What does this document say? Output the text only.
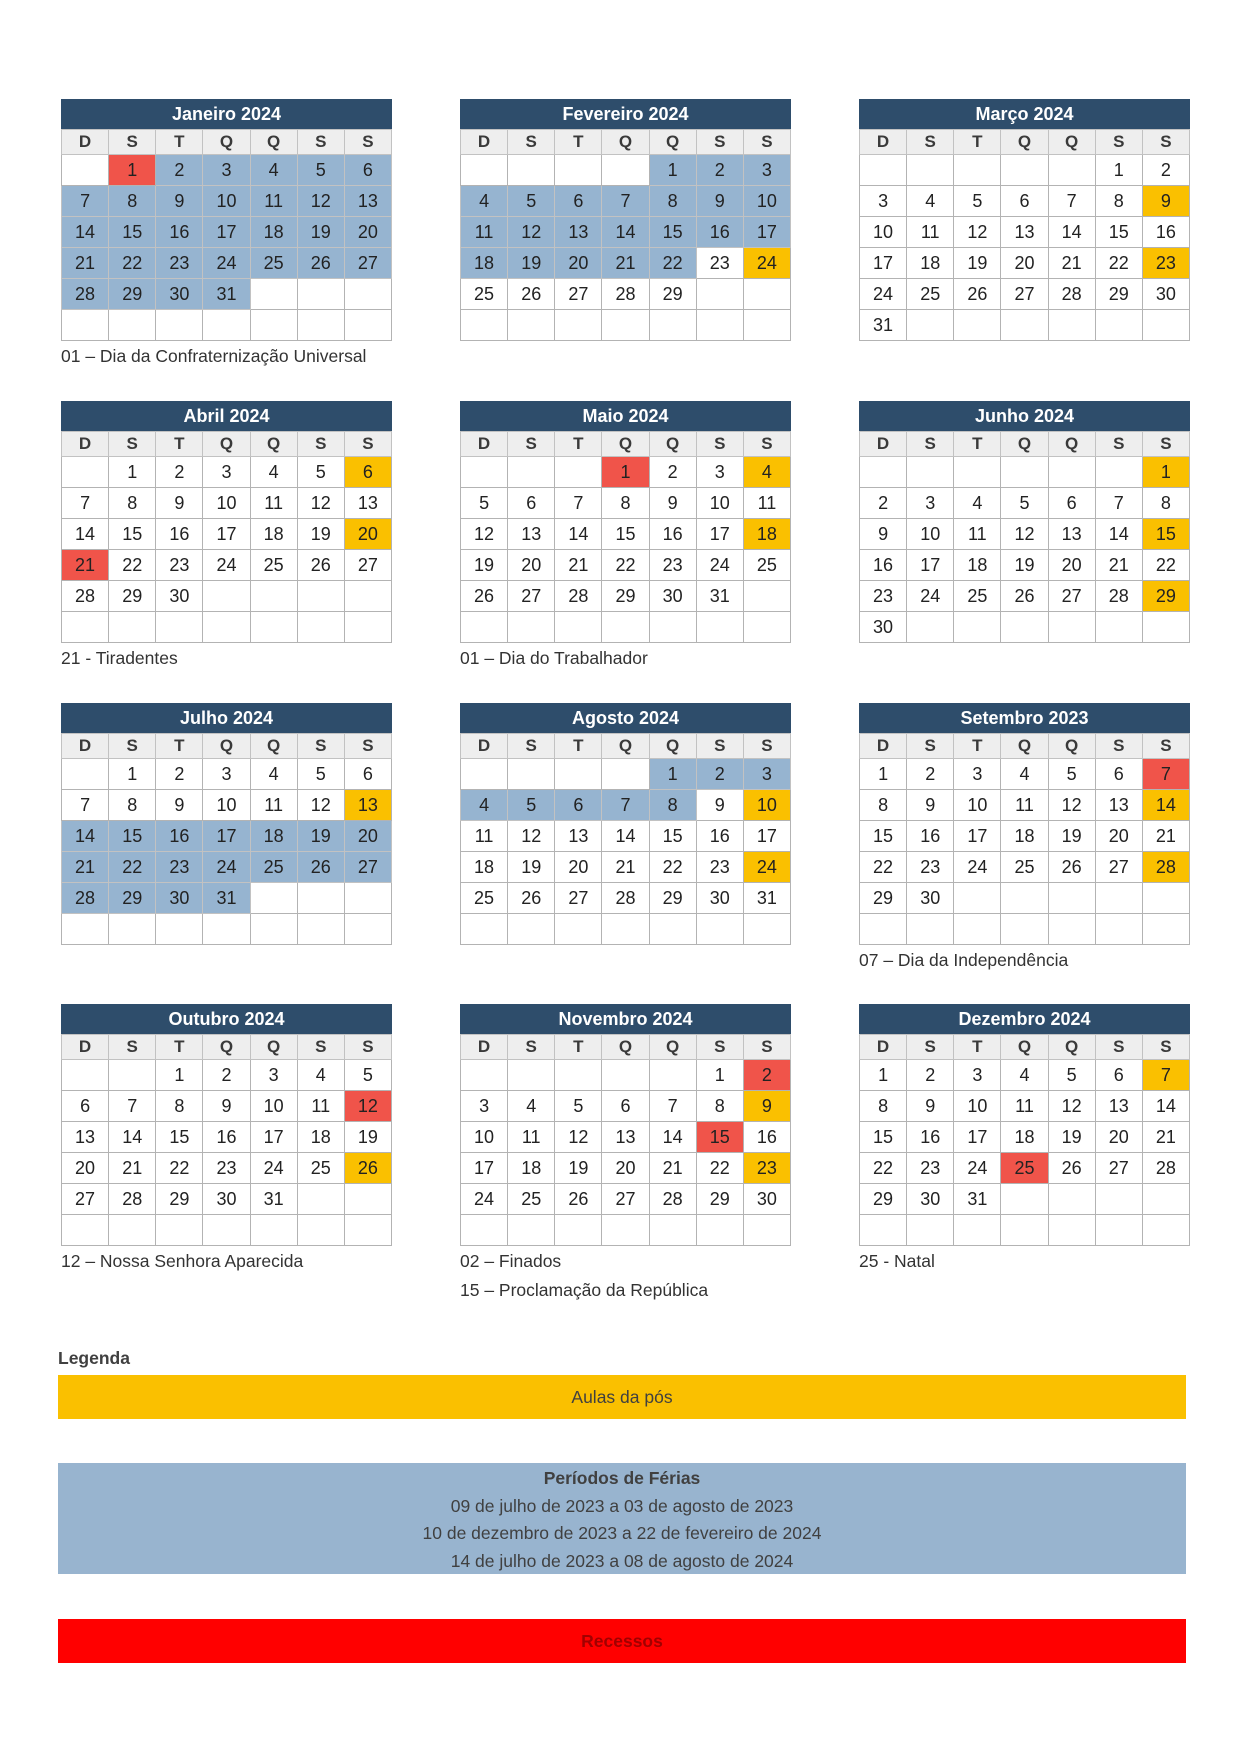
Janeiro 2024
D	S	T	Q	Q	S	S
	1	2	3	4	5	6
7	8	9	10	11	12	13
14	15	16	17	18	19	20
21	22	23	24	25	26	27
28	29	30	31			

01 – Dia da Confraternização Universal
Fevereiro 2024
D	S	T	Q	Q	S	S
				1	2	3
4	5	6	7	8	9	10
11	12	13	14	15	16	17
18	19	20	21	22	23	24
25	26	27	28	29		

Março 2024
D	S	T	Q	Q	S	S
					1	2
3	4	5	6	7	8	9
10	11	12	13	14	15	16
17	18	19	20	21	22	23
24	25	26	27	28	29	30
31						
Abril 2024
D	S	T	Q	Q	S	S
	1	2	3	4	5	6
7	8	9	10	11	12	13
14	15	16	17	18	19	20
21	22	23	24	25	26	27
28	29	30				

21 - Tiradentes
Maio 2024
D	S	T	Q	Q	S	S
			1	2	3	4
5	6	7	8	9	10	11
12	13	14	15	16	17	18
19	20	21	22	23	24	25
26	27	28	29	30	31	

01 – Dia do Trabalhador
Junho 2024
D	S	T	Q	Q	S	S
						1
2	3	4	5	6	7	8
9	10	11	12	13	14	15
16	17	18	19	20	21	22
23	24	25	26	27	28	29
30						
Julho 2024
D	S	T	Q	Q	S	S
	1	2	3	4	5	6
7	8	9	10	11	12	13
14	15	16	17	18	19	20
21	22	23	24	25	26	27
28	29	30	31			

Agosto 2024
D	S	T	Q	Q	S	S
				1	2	3
4	5	6	7	8	9	10
11	12	13	14	15	16	17
18	19	20	21	22	23	24
25	26	27	28	29	30	31

Setembro 2023
D	S	T	Q	Q	S	S
1	2	3	4	5	6	7
8	9	10	11	12	13	14
15	16	17	18	19	20	21
22	23	24	25	26	27	28
29	30					

07 – Dia da Independência
Outubro 2024
D	S	T	Q	Q	S	S
		1	2	3	4	5
6	7	8	9	10	11	12
13	14	15	16	17	18	19
20	21	22	23	24	25	26
27	28	29	30	31		

12 – Nossa Senhora Aparecida
Novembro 2024
D	S	T	Q	Q	S	S
					1	2
3	4	5	6	7	8	9
10	11	12	13	14	15	16
17	18	19	20	21	22	23
24	25	26	27	28	29	30

02 – Finados
15 – Proclamação da República
Dezembro 2024
D	S	T	Q	Q	S	S
1	2	3	4	5	6	7
8	9	10	11	12	13	14
15	16	17	18	19	20	21
22	23	24	25	26	27	28
29	30	31				

25 - Natal
Legenda
Aulas da pós
Períodos de Férias
09 de julho de 2023 a 03 de agosto de 2023
10 de dezembro de 2023 a 22 de fevereiro de 2024
14 de julho de 2023 a 08 de agosto de 2024
Recessos
